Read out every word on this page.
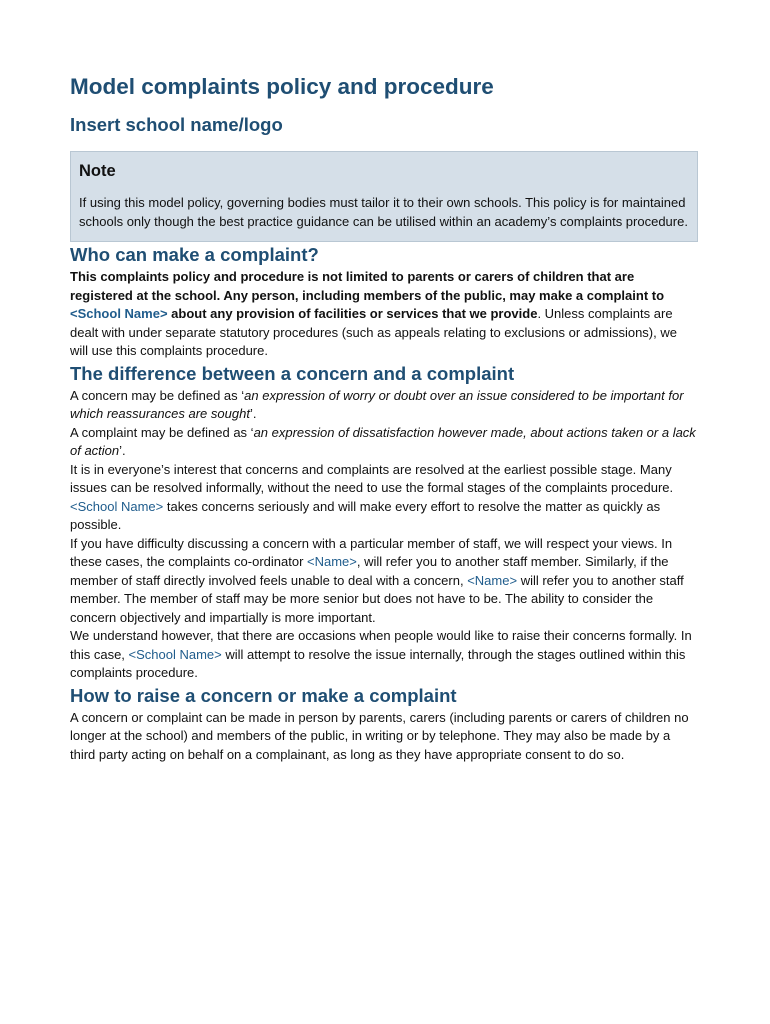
Model complaints policy and procedure
Insert school name/logo
Note

If using this model policy, governing bodies must tailor it to their own schools. This policy is for maintained schools only though the best practice guidance can be utilised within an academy’s complaints procedure.

Who can make a complaint?

This complaints policy and procedure is not limited to parents or carers of children that are registered at the school. Any person, including members of the public, may make a complaint to <School Name> about any provision of facilities or services that we provide. Unless complaints are dealt with under separate statutory procedures (such as appeals relating to exclusions or admissions), we will use this complaints procedure.

The difference between a concern and a complaint

A concern may be defined as ‘an expression of worry or doubt over an issue considered to be important for which reassurances are sought’.

A complaint may be defined as ‘an expression of dissatisfaction however made, about actions taken or a lack of action’.

It is in everyone’s interest that concerns and complaints are resolved at the earliest possible stage. Many issues can be resolved informally, without the need to use the formal stages of the complaints procedure. <School Name> takes concerns seriously and will make every effort to resolve the matter as quickly as possible.

If you have difficulty discussing a concern with a particular member of staff, we will respect your views. In these cases, the complaints co-ordinator <Name>, will refer you to another staff member. Similarly, if the member of staff directly involved feels unable to deal with a concern, <Name> will refer you to another staff member. The member of staff may be more senior but does not have to be. The ability to consider the concern objectively and impartially is more important.

We understand however, that there are occasions when people would like to raise their concerns formally. In this case, <School Name> will attempt to resolve the issue internally, through the stages outlined within this complaints procedure.

How to raise a concern or make a complaint

A concern or complaint can be made in person by parents, carers (including parents or carers of children no longer at the school) and members of the public, in writing or by telephone. They may also be made by a third party acting on behalf on a complainant, as long as they have appropriate consent to do so.
